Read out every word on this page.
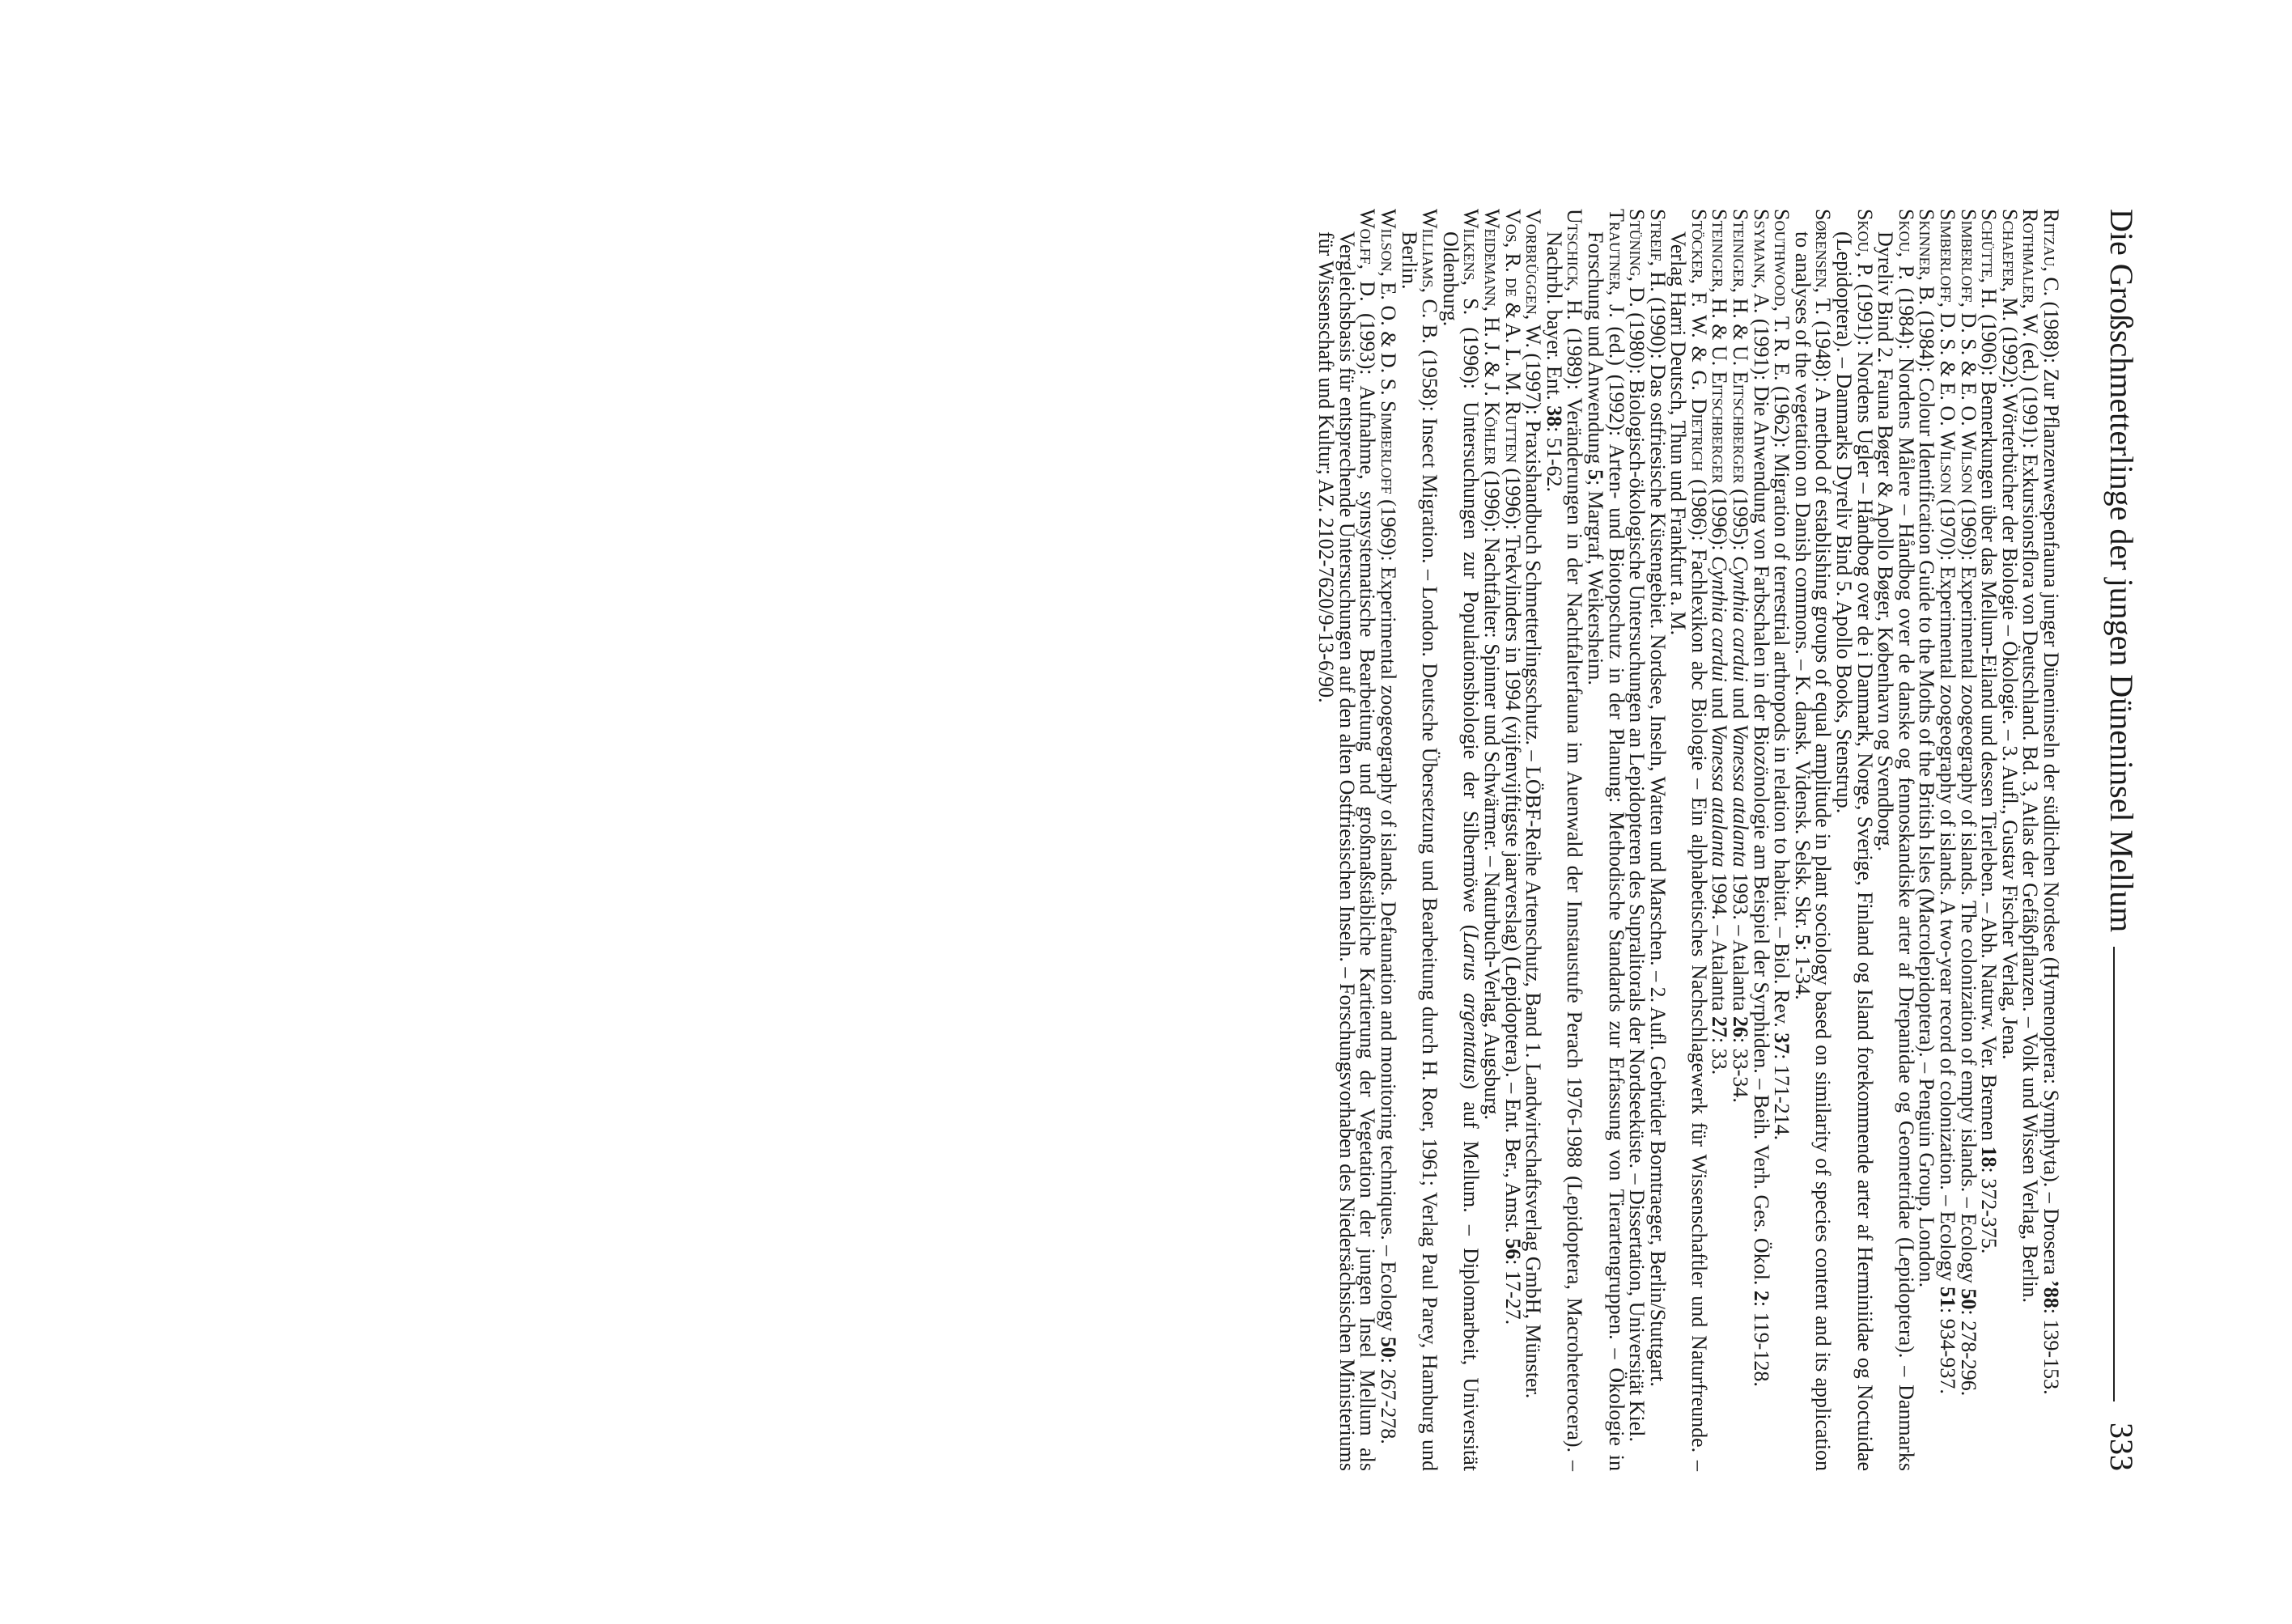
Die Großschmetterlinge der jungen Düneninsel Mellum
333

Ritzau, C. (1988): Zur Pflanzenwespenfauna junger Düneninseln der südlichen Nordsee (Hymenoptera: Symphyta). – Drosera ’88: 139-153.

Rothmaler, W. (ed.) (1991): Exkursionsflora von Deutschland. Bd. 3, Atlas der Gefäßpflanzen. – Volk und Wissen Verlag, Berlin.

Schaefer, M. (1992): Wörterbücher der Biologie – Ökologie. – 3. Aufl., Gustav Fischer Verlag, Jena.

Schütte, H. (1906): Bemerkungen über das Mellum-Eiland und dessen Tierleben. – Abh. Naturw. Ver. Bremen 18: 372-375.

Simberloff, D. S. & E. O. Wilson (1969): Experimental zoogeography of islands. The colonization of empty islands. – Ecology 50: 278-296.

Simberloff, D. S. & E. O. Wilson (1970): Experimental zoogeography of islands. A two-year record of colonization. – Ecology 51: 934-937.

Skinner, B. (1984): Colour Identification Guide to the Moths of the British Isles (Macrolepidoptera). – Penguin Group, London.

Skou, P. (1984): Nordens Målere – Håndbog over de danske og fennoskandiske arter af Drepanidae og Geometridae (Lepidoptera). – Danmarks Dyreliv Bind 2. Fauna Bøger & Apollo Bøger, København og Svendborg.

Skou, P. (1991): Nordens Ugler – Håndbog over de i Danmark, Norge, Sverige, Finland og Island forekommende arter af Herminiidae og Noctuidae (Lepidoptera). – Danmarks Dyreliv Bind 5. Apollo Books, Stenstrup.

Sørensen, T. (1948): A method of establishing groups of equal amplitude in plant sociology based on similarity of species content and its application to analyses of the vegetation on Danish commons. – K. dansk. Vidensk. Selsk. Skr. 5: 1-34.

Southwood, T. R. E. (1962): Migration of terrestrial arthropods in relation to habitat. – Biol. Rev. 37: 171-214.

Ssymank, A. (1991): Die Anwendung von Farbschalen in der Biozönologie am Beispiel der Syrphiden. – Beih. Verh. Ges. Ökol. 2: 119-128.

Steiniger, H. & U. Eitschberger (1995): Cynthia cardui und Vanessa atalanta 1993. – Atalanta 26: 33-34.

Steiniger, H. & U. Eitschberger (1996): Cynthia cardui und Vanessa atalanta 1994. – Atalanta 27: 33.

Stöcker, F. W. & G. Dietrich (1986): Fachlexikon abc Biologie – Ein alphabetisches Nachschlagewerk für Wissenschaftler und Naturfreunde. – Verlag Harri Deutsch, Thun und Frankfurt a. M.

Streif, H. (1990): Das ostfriesische Küstengebiet. Nordsee, Inseln, Watten und Marschen. – 2. Aufl. Gebrüder Borntraeger, Berlin/Stuttgart.

Stüning, D. (1980): Biologisch-ökologische Untersuchungen an Lepidopteren des Supralitorals der Nordseeküste. – Dissertation, Universität Kiel.

Trautner, J. (ed.) (1992): Arten- und Biotopschutz in der Planung: Methodische Standards zur Erfassung von Tierartengruppen. – Ökologie in Forschung und Anwendung 5; Margraf, Weikersheim.

Utschick, H. (1989): Veränderungen in der Nachtfalterfauna im Auenwald der Innstaustufe Perach 1976-1988 (Lepidoptera, Macroheterocera). – Nachrbl. bayer. Ent. 38: 51-62.

Vorbrüggen, W. (1997): Praxishandbuch Schmetterlingsschutz. – LÖBF-Reihe Artenschutz, Band 1. Landwirtschaftsverlag GmbH, Münster.

Vos, R. de & A. L. M. Rutten (1996): Trekvlinders in 1994 (vijfenvijftigste jaarverslag) (Lepidoptera). – Ent. Ber., Amst. 56: 17-27.

Weidemann, H. J. & J. Köhler (1996): Nachtfalter: Spinner und Schwärmer. – Naturbuch-Verlag, Augsburg.

Wilkens, S. (1996): Untersuchungen zur Populationsbiologie der Silbermöwe (Larus argentatus) auf Mellum. – Diplomarbeit, Universität Oldenburg.

Williams, C. B. (1958): Insect Migration. – London. Deutsche Übersetzung und Bearbeitung durch H. Roer, 1961; Verlag Paul Parey, Hamburg und Berlin.

Wilson, E. O. & D. S. Simberloff (1969): Experimental zoogeography of islands. Defaunation and monitoring techniques. – Ecology 50: 267-278.

Wolff, D. (1993): Aufnahme, synsystematische Bearbeitung und großmaßstäbliche Kartierung der Vegetation der jungen Insel Mellum als Vergleichsbasis für entsprechende Untersuchungen auf den alten Ostfriesischen Inseln. – Forschungsvorhaben des Niedersächsischen Ministeriums für Wissenschaft und Kultur; AZ. 2102-7620/9-13-6/90.
